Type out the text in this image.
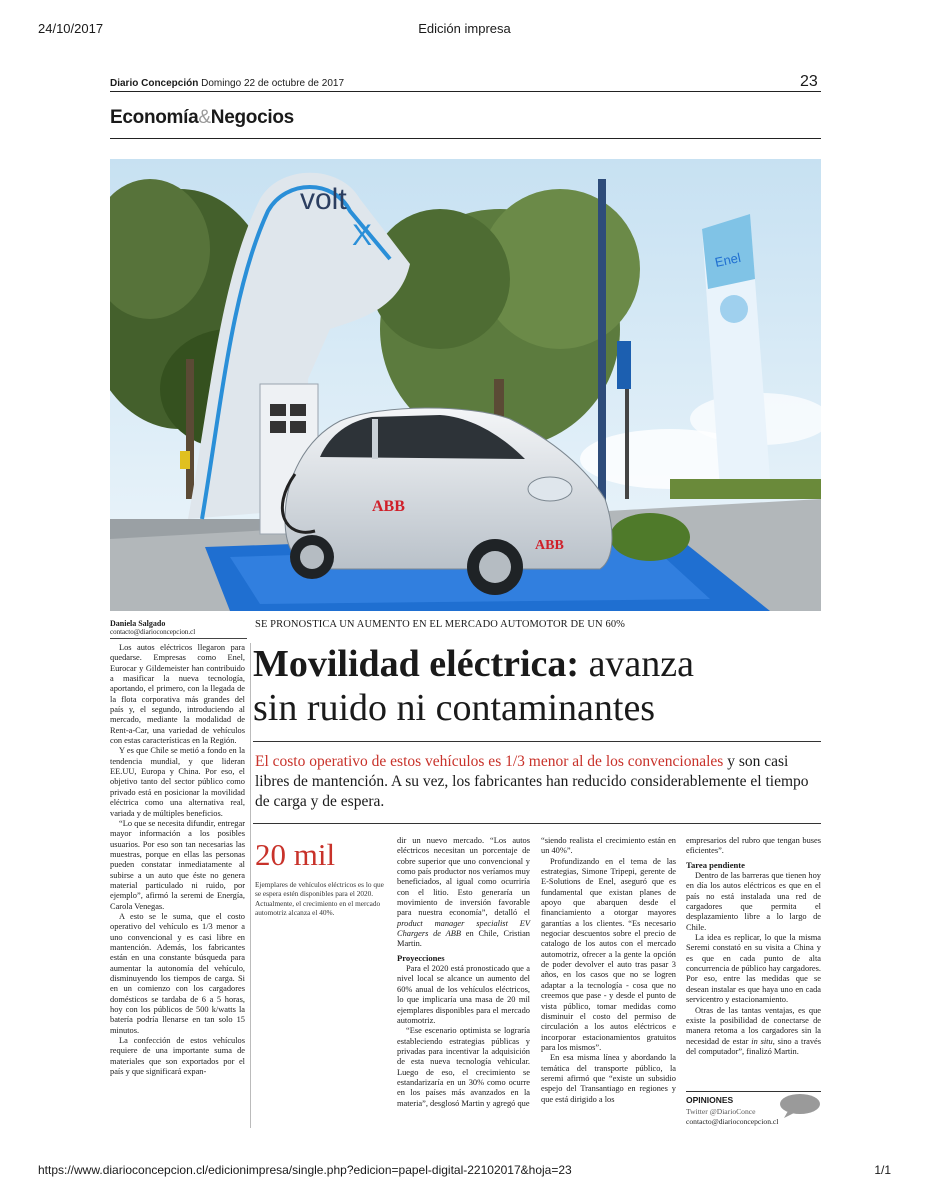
24/10/2017	Edición impresa
https://www.diarioconcepcion.cl/edicionimpresa/single.php?edicion=papel-digital-22102017&hoja=23	1/1
Diario Concepción Domingo 22 de octubre de 2017	23
Economía&Negocios
Enel
volt
X
ABB
ABB
Daniela Salgado
contacto@diarioconcepcion.cl
SE PRONOSTICA UN AUMENTO EN EL MERCADO AUTOMOTOR DE UN 60%
Movilidad eléctrica: avanza
sin ruido ni contaminantes
El costo operativo de estos vehículos es 1/3 menor al de los convencionales y son casi libres de mantención. A su vez, los fabricantes han reducido considerablemente el tiempo de carga y de espera.

Los autos eléctricos llegaron para quedarse. Empresas como Enel, Eurocar y Gildemeister han contribuido a masificar la nueva tecnología, aportando, el primero, con la llegada de la flota corporativa más grandes del país y, el segundo, introduciendo al mercado, mediante la modalidad de Rent-a-Car, una variedad de vehículos con estas características en la Región.

Y es que Chile se metió a fondo en la tendencia mundial, y que lideran EE.UU, Europa y China. Por eso, el objetivo tanto del sector público como privado está en posicionar la movilidad eléctrica como una alternativa real, variada y de múltiples beneficios.

“Lo que se necesita difundir, entregar mayor información a los posibles usuarios. Por eso son tan necesarias las muestras, porque en ellas las personas pueden constatar inmediatamente al subirse a un auto que éste no genera material particulado ni ruido, por ejemplo”, afirmó la seremi de Energía, Carola Venegas.

A esto se le suma, que el costo operativo del vehículo es 1/3 menor a uno convencional y es casi libre en mantención. Además, los fabricantes están en una constante búsqueda para aumentar la autonomía del vehículo, disminuyendo los tiempos de carga. Si en un comienzo con los cargadores domésticos se tardaba de 6 a 5 horas, hoy con los públicos de 500 k/watts la batería podría llenarse en tan solo 15 minutos.

La confección de estos vehículos requiere de una importante suma de materiales que son exportados por el país y que significará expan-

20 mil
Ejemplares de vehículos eléctricos es lo que se espera estén disponibles para el 2020. Actualmente, el crecimiento en el mercado automotriz alcanza el 40%.

dir un nuevo mercado. “Los autos eléctricos necesitan un porcentaje de cobre superior que uno convencional y como país productor nos veríamos muy beneficiados, al igual como ocurriría con el litio. Esto generaría un movimiento de inversión favorable para nuestra economía”, detalló el product manager specialist EV Chargers de ABB en Chile, Cristian Martin.

Proyecciones

Para el 2020 está pronosticado que a nivel local se alcance un aumento del 60% anual de los vehículos eléctricos, lo que implicaría una masa de 20 mil ejemplares disponibles para el mercado automotriz.

“Ese escenario optimista se lograría estableciendo estrategias públicas y privadas para incentivar la adquisición de esta nueva tecnología vehicular. Luego de eso, el crecimiento se estandarizaría en un 30% como ocurre en los países más avanzados en la materia”, desglosó Martin y agregó que

“siendo realista el crecimiento están en un 40%”.

Profundizando en el tema de las estrategias, Simone Tripepi, gerente de E-Solutions de Enel, aseguró que es fundamental que existan planes de apoyo que abarquen desde el financiamiento a otorgar mayores garantías a los clientes. “Es necesario negociar descuentos sobre el precio de catalogo de los autos con el mercado automotriz, ofrecer a la gente la opción de poder devolver el auto tras pasar 3 años, en los casos que no se logren adaptar a la tecnología - cosa que no creemos que pase - y desde el punto de vista público, tomar medidas como disminuir el costo del permiso de circulación a los autos eléctricos e incorporar estacionamientos gratuitos para los mismos”.

En esa misma línea y abordando la temática del transporte público, la seremi afirmó que “existe un subsidio espejo del Transantiago en regiones y que está dirigido a los

empresarios del rubro que tengan buses eficientes”.

Tarea pendiente

Dentro de las barreras que tienen hoy en día los autos eléctricos es que en el país no está instalada una red de cargadores que permita el desplazamiento libre a lo largo de Chile.

La idea es replicar, lo que la misma Seremi constató en su visita a China y es que en cada punto de alta concurrencia de público hay cargadores. Por eso, entre las medidas que se desean instalar es que haya uno en cada servicentro y estacionamiento.

Otras de las tantas ventajas, es que existe la posibilidad de conectarse de manera retoma a los cargadores sin la necesidad de estar in situ, sino a través del computador”, finalizó Martin.

OPINIONES
Twitter @DiarioConce
contacto@diarioconcepcion.cl
